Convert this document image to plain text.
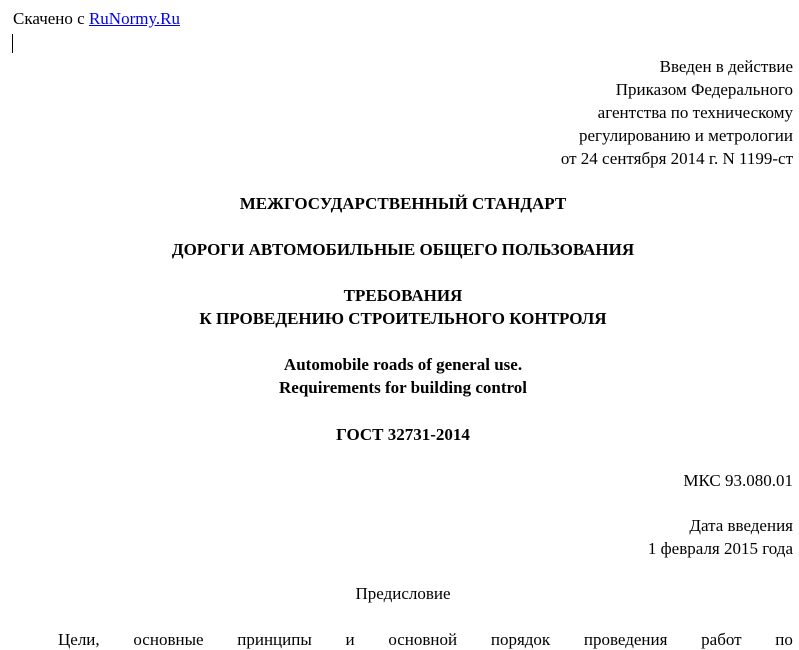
Скачено с RuNormy.Ru
Введен в действие
Приказом Федерального
агентства по техническому
регулированию и метрологии
от 24 сентября 2014 г. N 1199-ст
МЕЖГОСУДАРСТВЕННЫЙ СТАНДАРТ
ДОРОГИ АВТОМОБИЛЬНЫЕ ОБЩЕГО ПОЛЬЗОВАНИЯ
ТРЕБОВАНИЯ
К ПРОВЕДЕНИЮ СТРОИТЕЛЬНОГО КОНТРОЛЯ
Automobile roads of general use.
Requirements for building control
ГОСТ 32731-2014
МКС 93.080.01
Дата введения
1 февраля 2015 года
Предисловие
Цели, основные принципы и основной порядок проведения работ по
